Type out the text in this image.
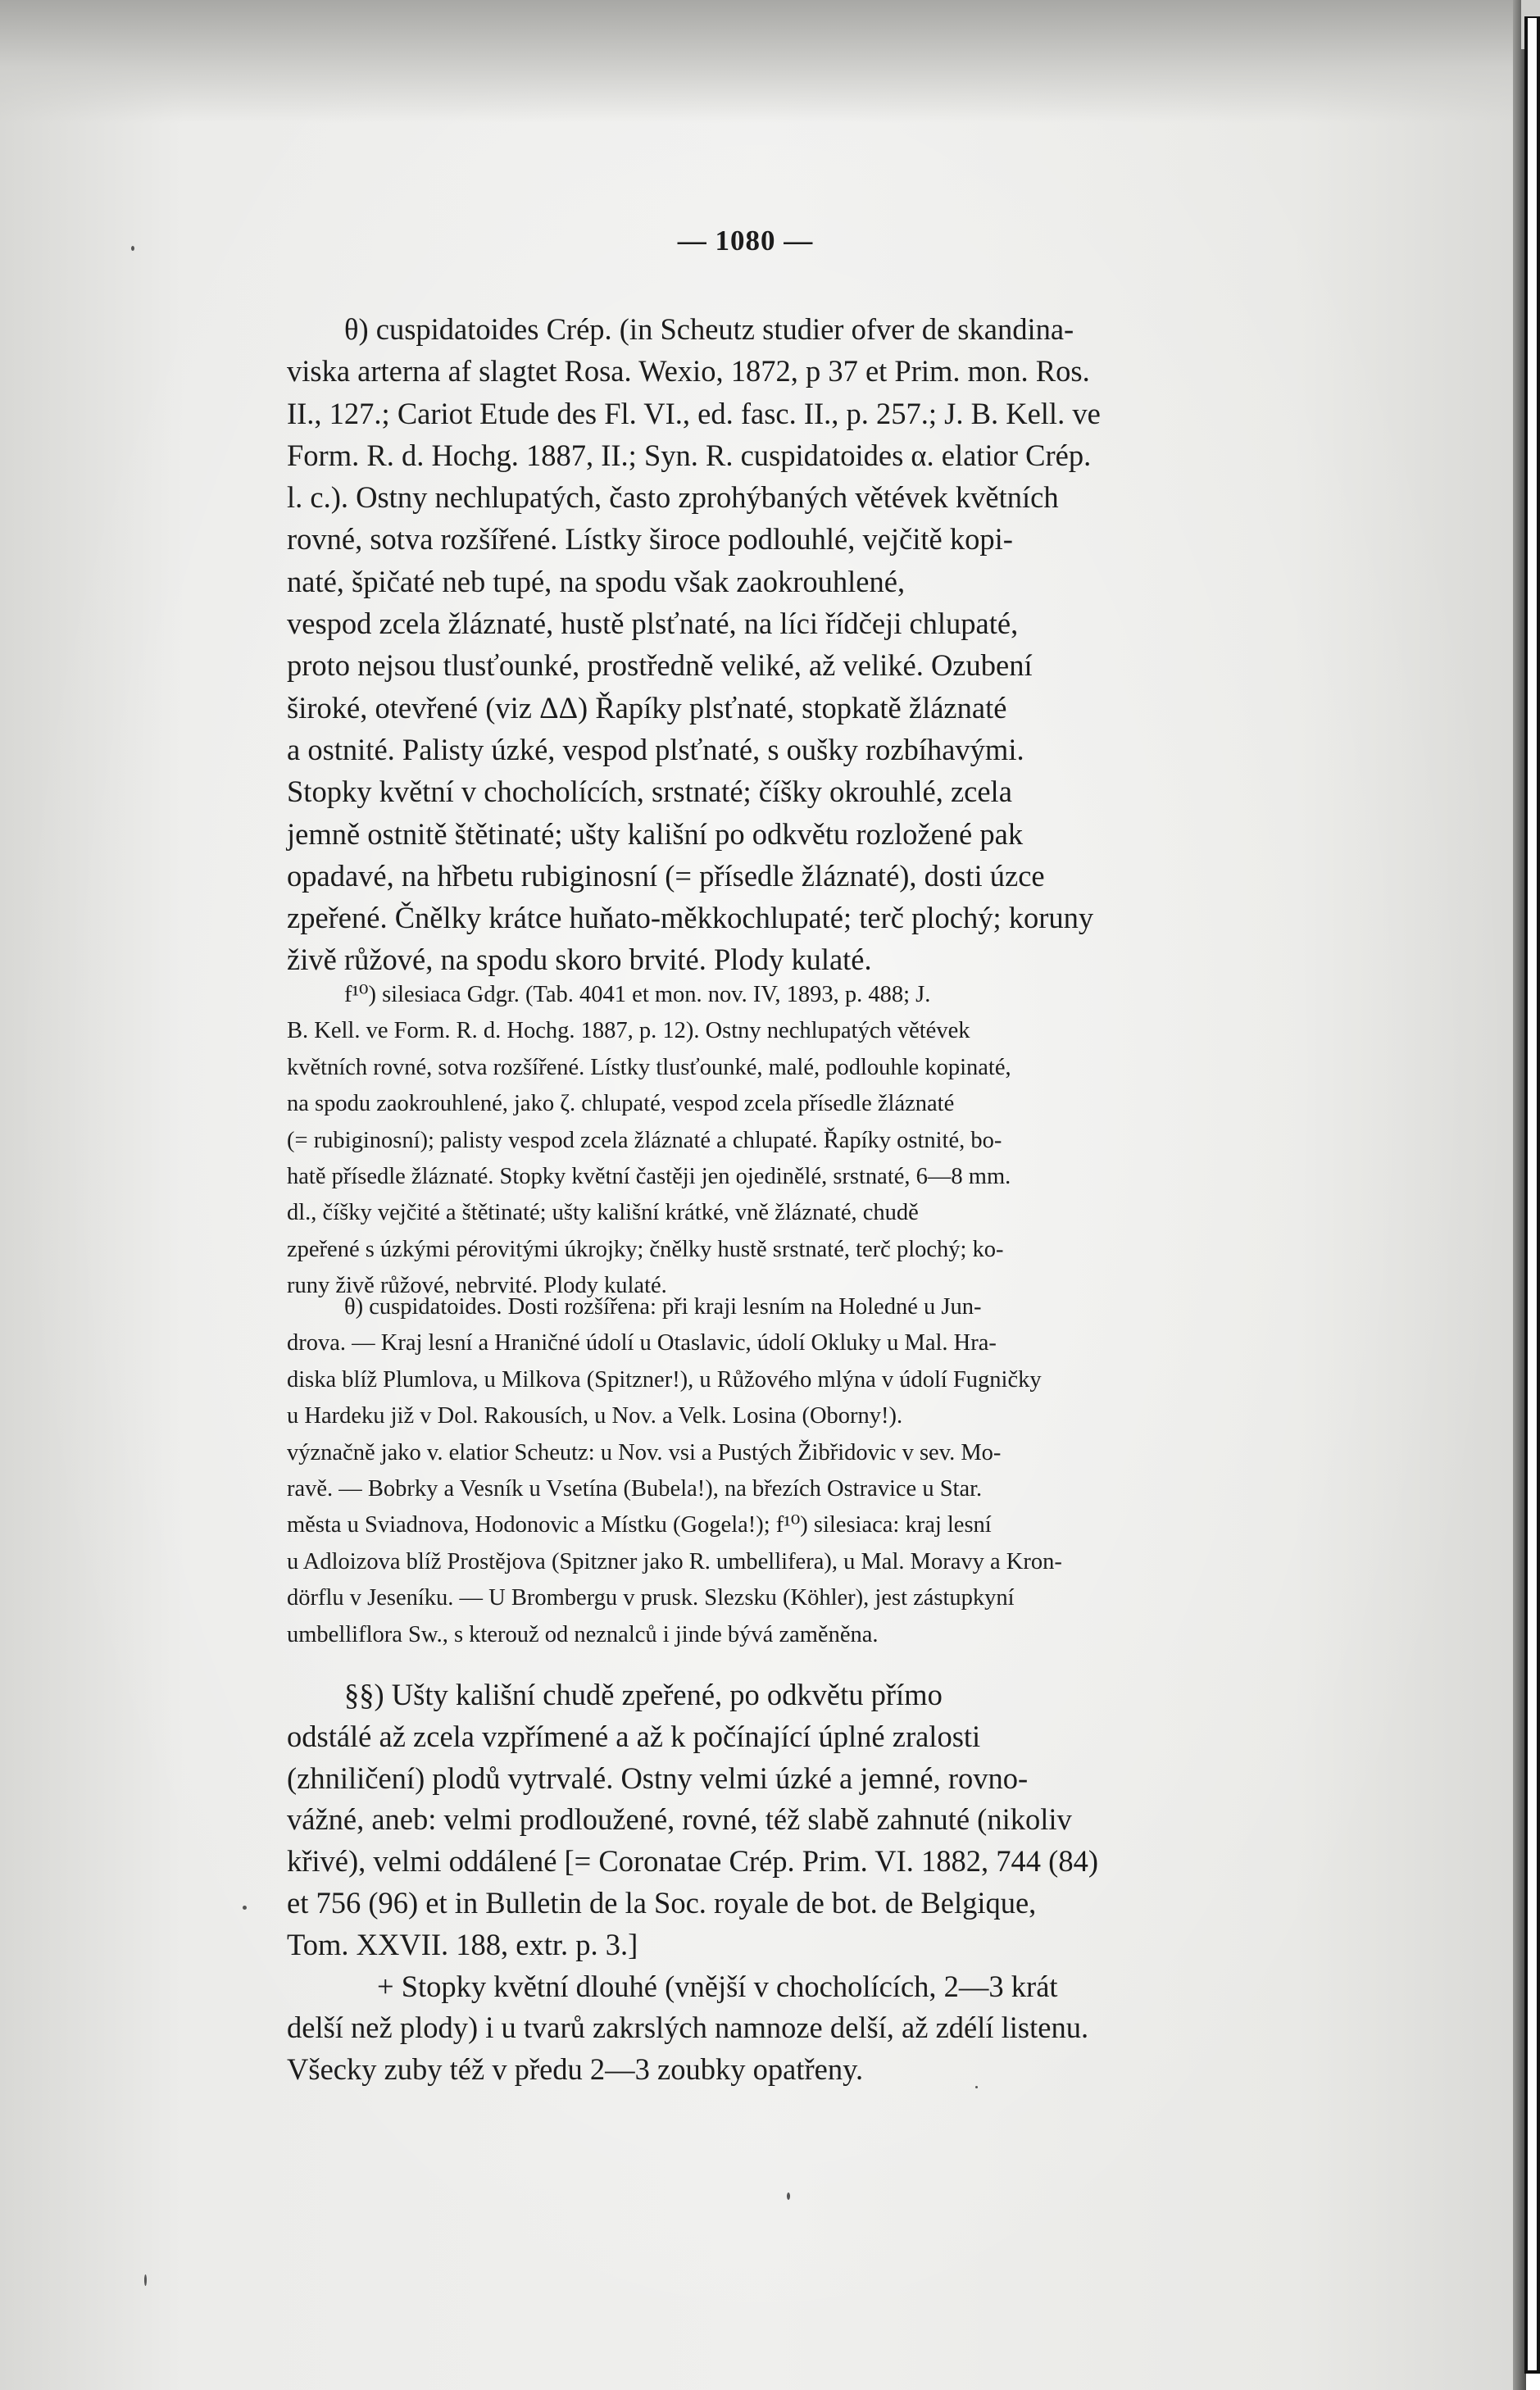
— 1080 —
θ) cuspidatoides Crép. (in Scheutz studier ofver de skandina-
viska arterna af slagtet Rosa. Wexio, 1872, p 37 et Prim. mon. Ros.
II., 127.; Cariot Etude des Fl. VI., ed. fasc. II., p. 257.; J. B. Kell. ve
Form. R. d. Hochg. 1887, II.; Syn. R. cuspidatoides α. elatior Crép.
l. c.). Ostny nechlupatých, často zprohýbaných větévek květních
rovné, sotva rozšířené. Lístky široce podlouhlé, vejčitě kopi-
naté, špičaté neb tupé, na spodu však zaokrouhlené,
vespod zcela žláznaté, hustě plsťnaté, na líci řídčeji chlupaté,
proto nejsou tlusťounké, prostředně veliké, až veliké. Ozubení
široké, otevřené (viz ΔΔ) Řapíky plsťnaté, stopkatě žláznaté
a ostnité. Palisty úzké, vespod plsťnaté, s oušky rozbíhavými.
Stopky květní v chocholících, srstnaté; číšky okrouhlé, zcela
jemně ostnitě štětinaté; ušty kališní po odkvětu rozložené pak
opadavé, na hřbetu rubiginosní (= přísedle žláznaté), dosti úzce
zpeřené. Čnělky krátce huňato-měkkochlupaté; terč plochý; koruny
živě růžové, na spodu skoro brvité. Plody kulaté.
f¹⁰) silesiaca Gdgr. (Tab. 4041 et mon. nov. IV, 1893, p. 488; J.
B. Kell. ve Form. R. d. Hochg. 1887, p. 12). Ostny nechlupatých větévek
květních rovné, sotva rozšířené. Lístky tlusťounké, malé, podlouhle kopinaté,
na spodu zaokrouhlené, jako ζ. chlupaté, vespod zcela přísedle žláznaté
(= rubiginosní); palisty vespod zcela žláznaté a chlupaté. Řapíky ostnité, bo-
hatě přísedle žláznaté. Stopky květní častěji jen ojedinělé, srstnaté, 6—8 mm.
dl., číšky vejčité a štětinaté; ušty kališní krátké, vně žláznaté, chudě
zpeřené s úzkými pérovitými úkrojky; čnělky hustě srstnaté, terč plochý; ko-
runy živě růžové, nebrvité. Plody kulaté.
θ) cuspidatoides. Dosti rozšířena: při kraji lesním na Holedné u Jun-
drova. — Kraj lesní a Hraničné údolí u Otaslavic, údolí Okluky u Mal. Hra-
diska blíž Plumlova, u Milkova (Spitzner!), u Růžového mlýna v údolí Fugničky
u Hardeku již v Dol. Rakousích, u Nov. a Velk. Losina (Oborny!).
význačně jako v. elatior Scheutz: u Nov. vsi a Pustých Žibřidovic v sev. Mo-
ravě. — Bobrky a Vesník u Vsetína (Bubela!), na březích Ostravice u Star.
města u Sviadnova, Hodonovic a Místku (Gogela!); f¹⁰) silesiaca: kraj lesní
u Adloizova blíž Prostějova (Spitzner jako R. umbellifera), u Mal. Moravy a Kron-
dörflu v Jeseníku. — U Brombergu v prusk. Slezsku (Köhler), jest zástupkyní
umbelliflora Sw., s kterouž od neznalců i jinde bývá zaměněna.
§§) Ušty kališní chudě zpeřené, po odkvětu přímo
odstálé až zcela vzpřímené a až k počínající úplné zralosti
(zhniličení) plodů vytrvalé. Ostny velmi úzké a jemné, rovno-
vážné, aneb: velmi prodloužené, rovné, též slabě zahnuté (nikoliv
křivé), velmi oddálené [= Coronatae Crép. Prim. VI. 1882, 744 (84)
et 756 (96) et in Bulletin de la Soc. royale de bot. de Belgique,
Tom. XXVII. 188, extr. p. 3.]
+ Stopky květní dlouhé (vnější v chocholících, 2—3 krát
delší než plody) i u tvarů zakrslých namnoze delší, až zdélí listenu.
Všecky zuby též v předu 2—3 zoubky opatřeny.
